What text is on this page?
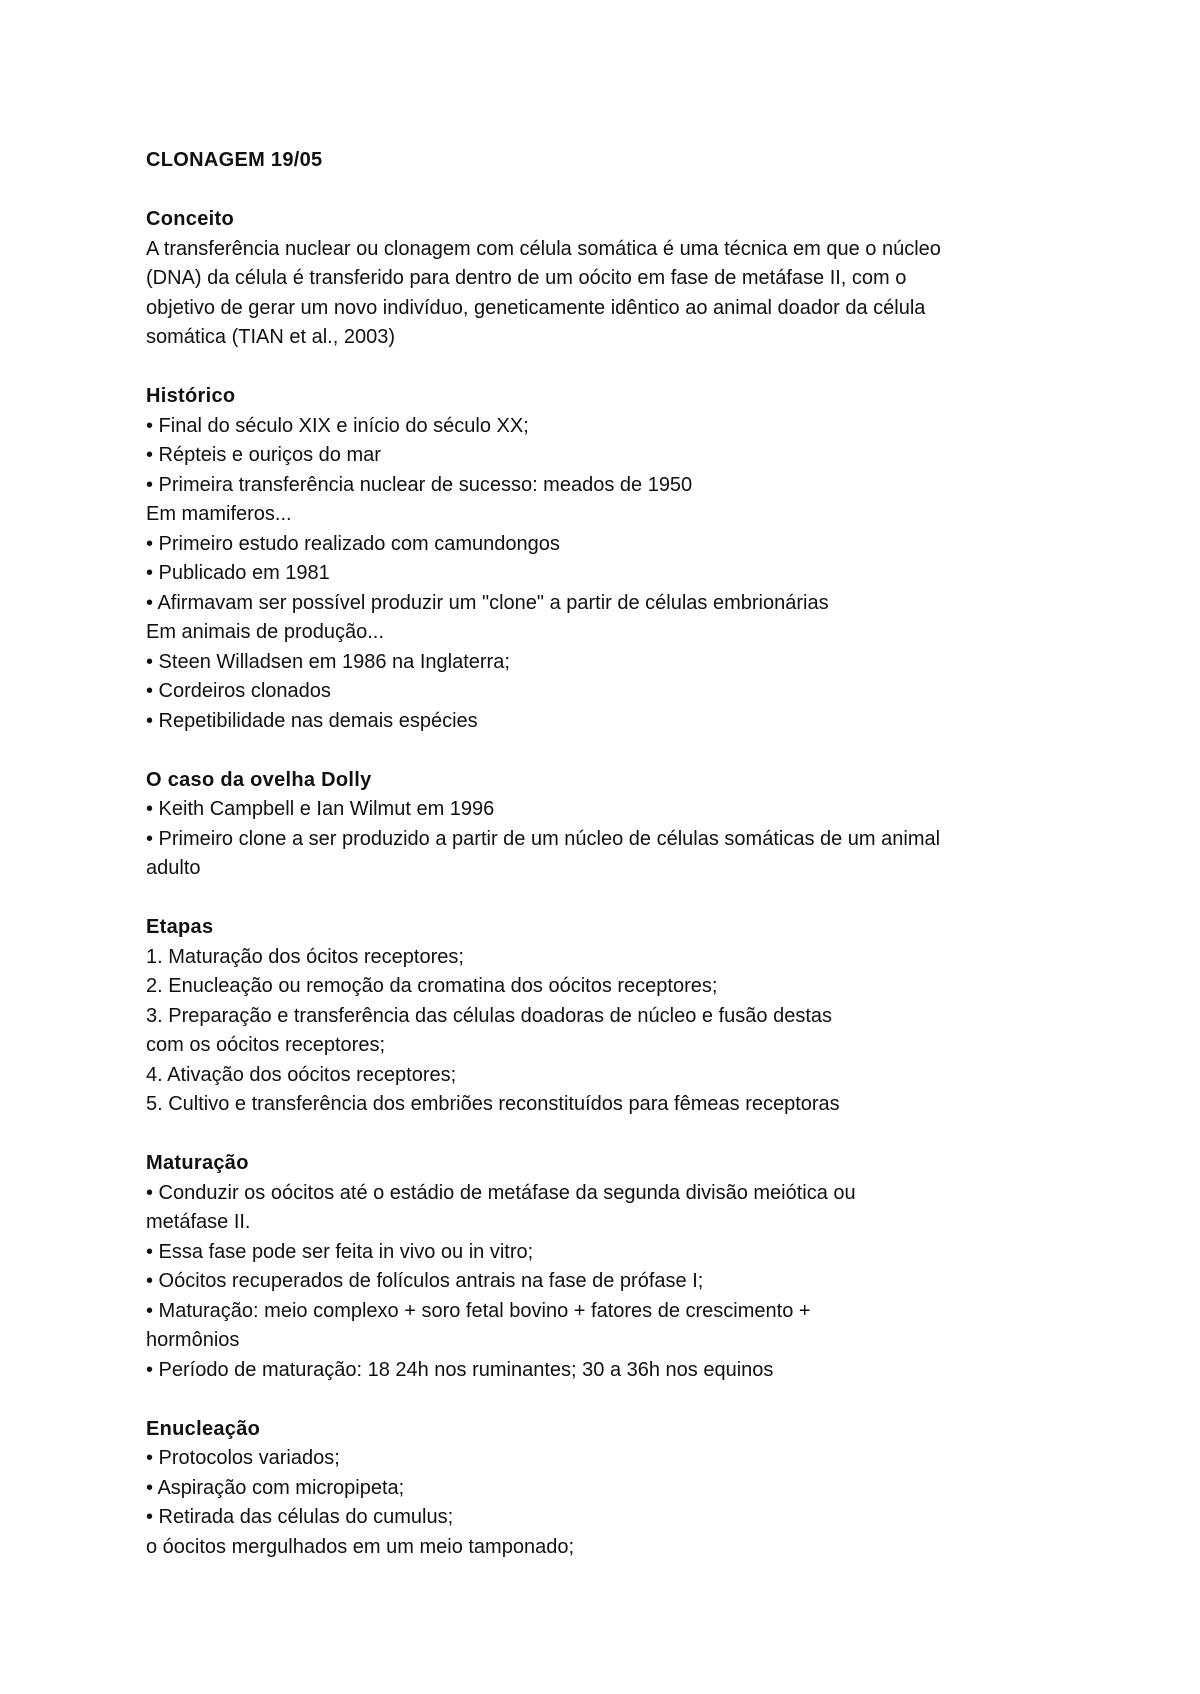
CLONAGEM 19/05
Conceito
A transferência nuclear ou clonagem com célula somática é uma técnica em que o núcleo
(DNA) da célula é transferido para dentro de um oócito em fase de metáfase II, com o
objetivo de gerar um novo indivíduo, geneticamente idêntico ao animal doador da célula
somática (TIAN et al., 2003)
Histórico
• Final do século XIX e início do século XX;
• Répteis e ouriços do mar
• Primeira transferência nuclear de sucesso: meados de 1950
Em mamiferos...
• Primeiro estudo realizado com camundongos
• Publicado em 1981
• Afirmavam ser possível produzir um "clone" a partir de células embrionárias
Em animais de produção...
• Steen Willadsen em 1986 na Inglaterra;
• Cordeiros clonados
• Repetibilidade nas demais espécies
O caso da ovelha Dolly
• Keith Campbell e Ian Wilmut em 1996
• Primeiro clone a ser produzido a partir de um núcleo de células somáticas de um animal
adulto
Etapas
1. Maturação dos ócitos receptores;
2. Enucleação ou remoção da cromatina dos oócitos receptores;
3. Preparação e transferência das células doadoras de núcleo e fusão destas
com os oócitos receptores;
4. Ativação dos oócitos receptores;
5. Cultivo e transferência dos embriões reconstituídos para fêmeas receptoras
Maturação
• Conduzir os oócitos até o estádio de metáfase da segunda divisão meiótica ou
metáfase II.
• Essa fase pode ser feita in vivo ou in vitro;
• Oócitos recuperados de folículos antrais na fase de prófase I;
• Maturação: meio complexo + soro fetal bovino + fatores de crescimento +
hormônios
• Período de maturação: 18 24h nos ruminantes; 30 a 36h nos equinos
Enucleação
• Protocolos variados;
• Aspiração com micropipeta;
• Retirada das células do cumulus;
o óocitos mergulhados em um meio tamponado;
